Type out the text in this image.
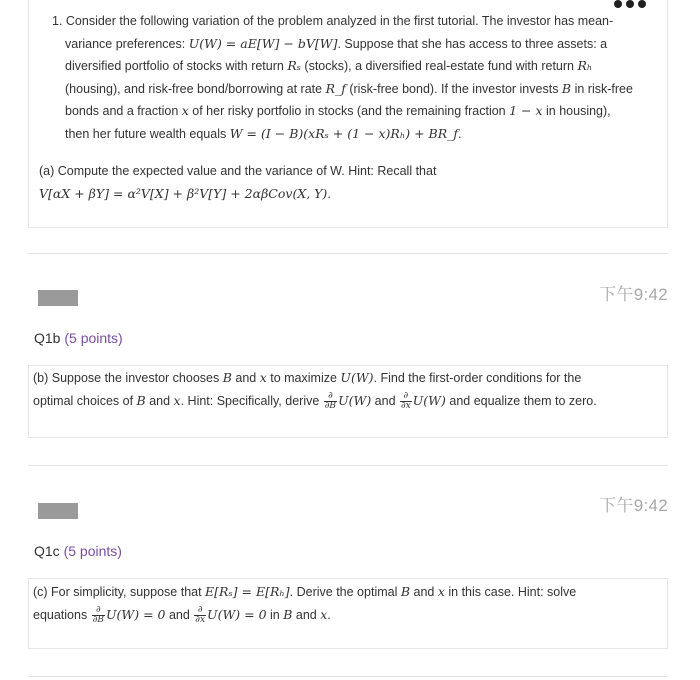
1. Consider the following variation of the problem analyzed in the first tutorial. The investor has mean-
variance preferences: U(W) = aE[W] − bV[W]. Suppose that she has access to three assets: a
diversified portfolio of stocks with return Rₛ (stocks), a diversified real-estate fund with return Rₕ
(housing), and risk-free bond/borrowing at rate R_f (risk-free bond). If the investor invests B in risk-free
bonds and a fraction x of her risky portfolio in stocks (and the remaining fraction 1 − x in housing),
then her future wealth equals W = (I − B)(xRₛ + (1 − x)Rₕ) + BR_f.
(a) Compute the expected value and the variance of W. Hint: Recall that
V[αX + βY] = α²V[X] + β²V[Y] + 2αβCov(X, Y).
下午9:42
Q1b (5 points)
(b) Suppose the investor chooses B and x to maximize U(W). Find the first-order conditions for the
optimal choices of B and x. Hint: Specifically, derive $\frac{\partial}{\partial B} U(W)$ and $\frac{\partial}{\partial x} U(W)$ and equalize them to zero.
下午9:42
Q1c (5 points)
(c) For simplicity, suppose that E[Rₛ] = E[Rₕ]. Derive the optimal B and x in this case. Hint: solve
equations $\frac{\partial}{\partial B} U(W) = 0$ and $\frac{\partial}{\partial x} U(W) = 0$ in B and x.
